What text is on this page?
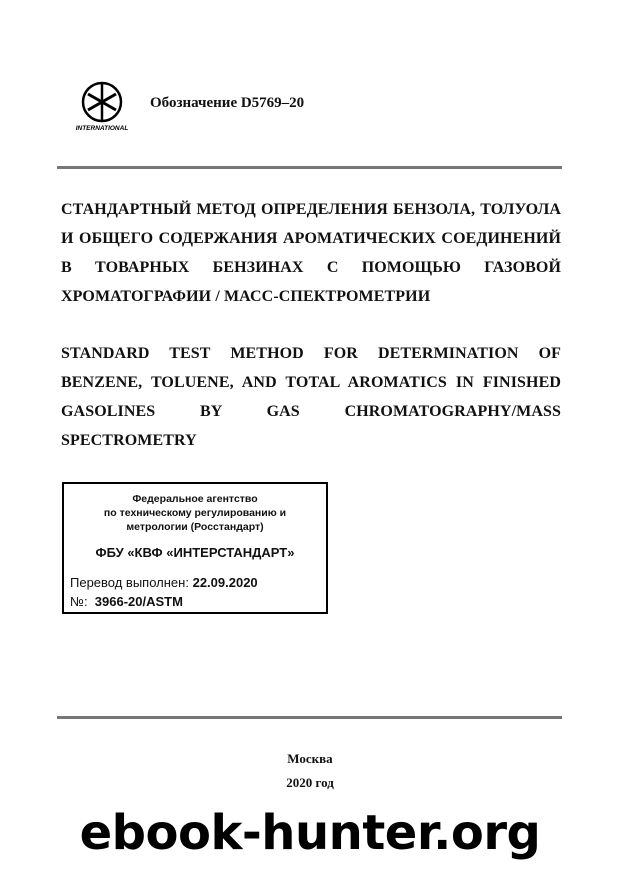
INTERNATIONAL
Обозначение D5769–20
СТАНДАРТНЫЙ МЕТОД ОПРЕДЕЛЕНИЯ БЕНЗОЛА, ТОЛУОЛА И ОБЩЕГО СОДЕРЖАНИЯ АРОМАТИЧЕСКИХ СОЕДИНЕНИЙ В ТОВАРНЫХ БЕНЗИНАХ С ПОМОЩЬЮ ГАЗОВОЙ ХРОМАТОГРАФИИ / МАСС-СПЕКТРОМЕТРИИ
STANDARD TEST METHOD FOR DETERMINATION OF BENZENE, TOLUENE, AND TOTAL AROMATICS IN FINISHED GASOLINES BY GAS CHROMATOGRAPHY/MASS SPECTROMETRY
Федеральное агентство
по техническому регулированию и
метрологии (Росстандарт)
ФБУ «КВФ «ИНТЕРСТАНДАРТ»
Перевод выполнен: 22.09.2020
№: 3966-20/ASTM
Москва
2020 год
ebook-hunter.org
